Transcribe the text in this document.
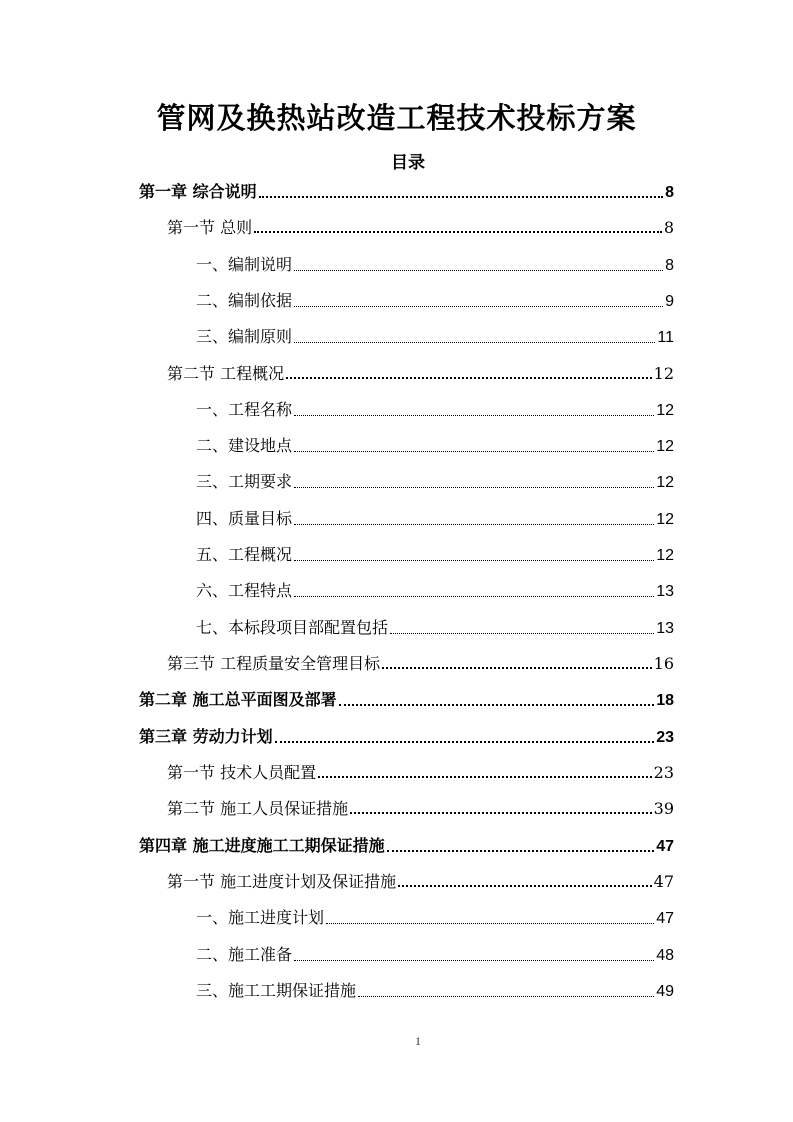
管网及换热站改造工程技术投标方案
目录
第一章 综合说明	8
第一节 总则	8
一、编制说明	8
二、编制依据	9
三、编制原则	11
第二节 工程概况	12
一、工程名称	12
二、建设地点	12
三、工期要求	12
四、质量目标	12
五、工程概况	12
六、工程特点	13
七、本标段项目部配置包括	13
第三节 工程质量安全管理目标	16
第二章 施工总平面图及部署	18
第三章 劳动力计划	23
第一节 技术人员配置	23
第二节 施工人员保证措施	39
第四章 施工进度施工工期保证措施	47
第一节 施工进度计划及保证措施	47
一、施工进度计划	47
二、施工准备	48
三、施工工期保证措施	49
1
